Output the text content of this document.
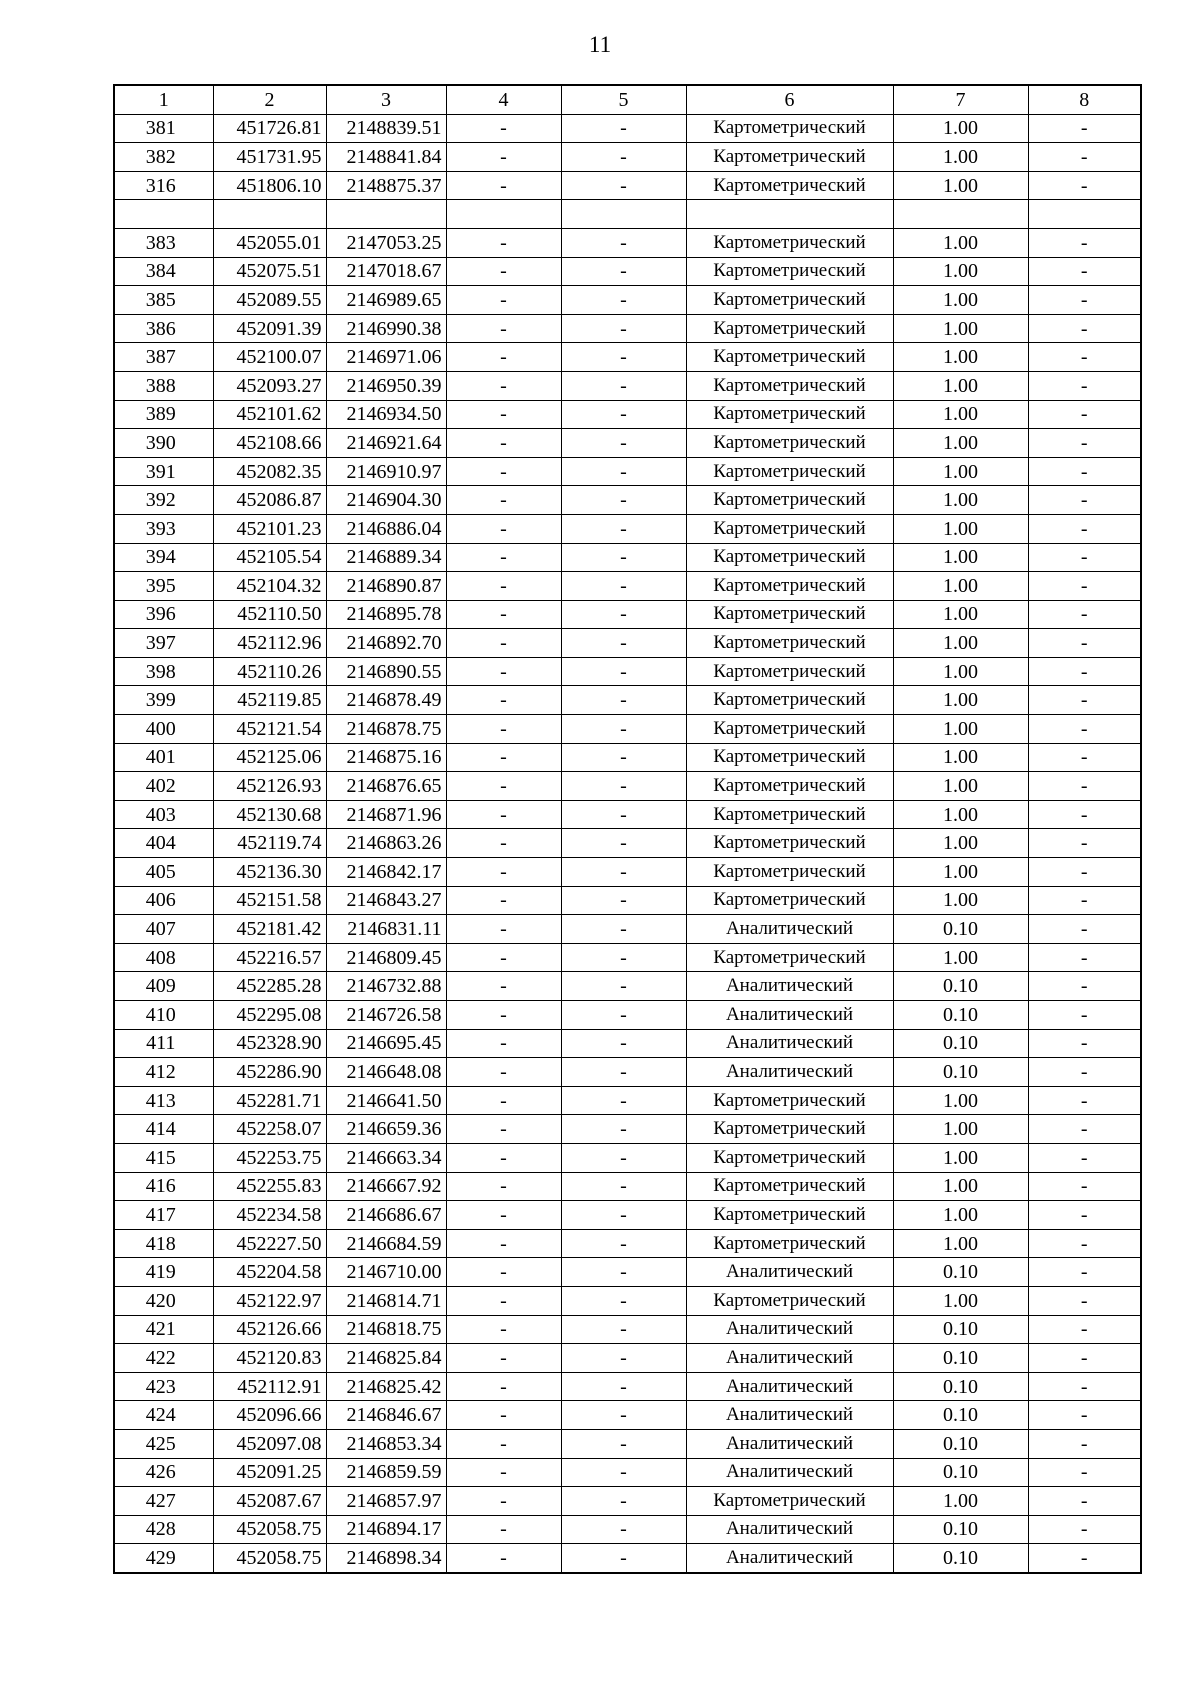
11
1	2	3	4	5	6	7	8
381	451726.81	2148839.51	-	-	Картометрический	1.00	-
382	451731.95	2148841.84	-	-	Картометрический	1.00	-
316	451806.10	2148875.37	-	-	Картометрический	1.00	-

383	452055.01	2147053.25	-	-	Картометрический	1.00	-
384	452075.51	2147018.67	-	-	Картометрический	1.00	-
385	452089.55	2146989.65	-	-	Картометрический	1.00	-
386	452091.39	2146990.38	-	-	Картометрический	1.00	-
387	452100.07	2146971.06	-	-	Картометрический	1.00	-
388	452093.27	2146950.39	-	-	Картометрический	1.00	-
389	452101.62	2146934.50	-	-	Картометрический	1.00	-
390	452108.66	2146921.64	-	-	Картометрический	1.00	-
391	452082.35	2146910.97	-	-	Картометрический	1.00	-
392	452086.87	2146904.30	-	-	Картометрический	1.00	-
393	452101.23	2146886.04	-	-	Картометрический	1.00	-
394	452105.54	2146889.34	-	-	Картометрический	1.00	-
395	452104.32	2146890.87	-	-	Картометрический	1.00	-
396	452110.50	2146895.78	-	-	Картометрический	1.00	-
397	452112.96	2146892.70	-	-	Картометрический	1.00	-
398	452110.26	2146890.55	-	-	Картометрический	1.00	-
399	452119.85	2146878.49	-	-	Картометрический	1.00	-
400	452121.54	2146878.75	-	-	Картометрический	1.00	-
401	452125.06	2146875.16	-	-	Картометрический	1.00	-
402	452126.93	2146876.65	-	-	Картометрический	1.00	-
403	452130.68	2146871.96	-	-	Картометрический	1.00	-
404	452119.74	2146863.26	-	-	Картометрический	1.00	-
405	452136.30	2146842.17	-	-	Картометрический	1.00	-
406	452151.58	2146843.27	-	-	Картометрический	1.00	-
407	452181.42	2146831.11	-	-	Аналитический	0.10	-
408	452216.57	2146809.45	-	-	Картометрический	1.00	-
409	452285.28	2146732.88	-	-	Аналитический	0.10	-
410	452295.08	2146726.58	-	-	Аналитический	0.10	-
411	452328.90	2146695.45	-	-	Аналитический	0.10	-
412	452286.90	2146648.08	-	-	Аналитический	0.10	-
413	452281.71	2146641.50	-	-	Картометрический	1.00	-
414	452258.07	2146659.36	-	-	Картометрический	1.00	-
415	452253.75	2146663.34	-	-	Картометрический	1.00	-
416	452255.83	2146667.92	-	-	Картометрический	1.00	-
417	452234.58	2146686.67	-	-	Картометрический	1.00	-
418	452227.50	2146684.59	-	-	Картометрический	1.00	-
419	452204.58	2146710.00	-	-	Аналитический	0.10	-
420	452122.97	2146814.71	-	-	Картометрический	1.00	-
421	452126.66	2146818.75	-	-	Аналитический	0.10	-
422	452120.83	2146825.84	-	-	Аналитический	0.10	-
423	452112.91	2146825.42	-	-	Аналитический	0.10	-
424	452096.66	2146846.67	-	-	Аналитический	0.10	-
425	452097.08	2146853.34	-	-	Аналитический	0.10	-
426	452091.25	2146859.59	-	-	Аналитический	0.10	-
427	452087.67	2146857.97	-	-	Картометрический	1.00	-
428	452058.75	2146894.17	-	-	Аналитический	0.10	-
429	452058.75	2146898.34	-	-	Аналитический	0.10	-
